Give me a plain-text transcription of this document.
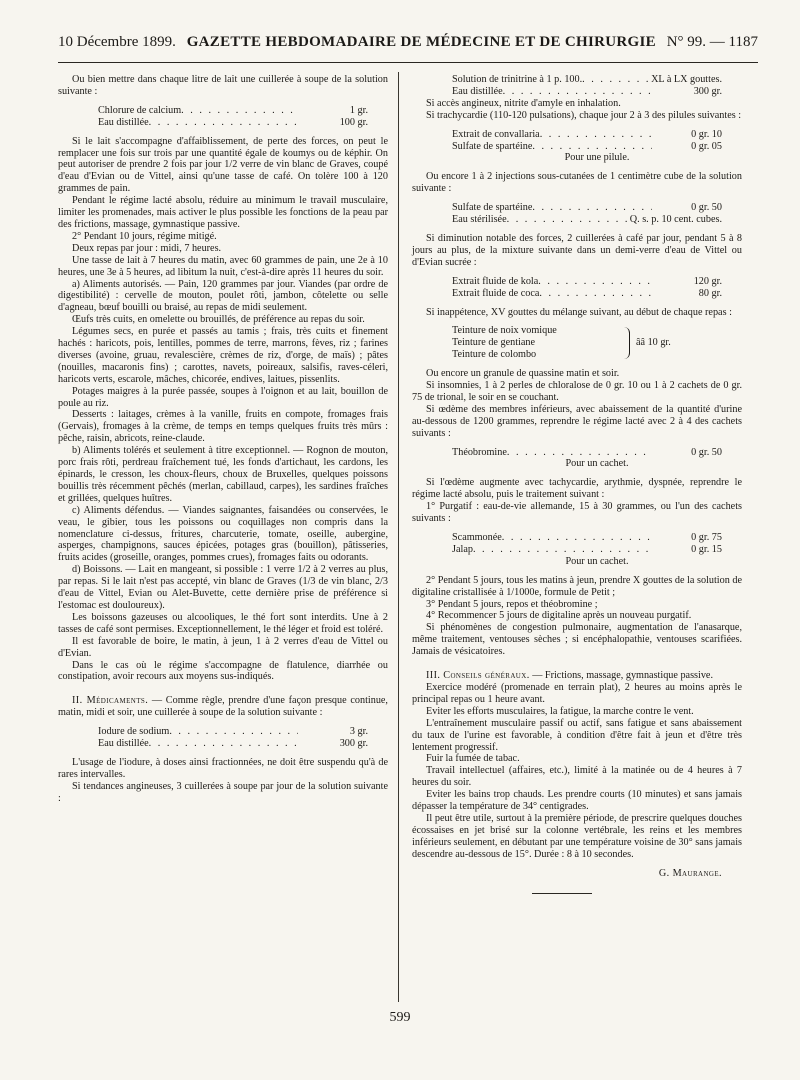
10 Décembre 1899. GAZETTE HEBDOMADAIRE DE MÉDECINE ET DE CHIRURGIE N° 99. — 1187

Ou bien mettre dans chaque litre de lait une cuillerée à soupe de la solution suivante :

Chlorure de calcium . . .	1 gr.
Eau distillée . . .	100 gr.

Si le lait s'accompagne d'affaiblissement, de perte des forces, on peut le remplacer une fois sur trois par une quantité égale de koumys ou de képhir. On peut autoriser de prendre 2 fois par jour 1/2 verre de vin blanc de Graves, coupé d'eau d'Evian ou de Vittel, ainsi qu'une tasse de café. On tolère 100 à 120 grammes de pain.

Pendant le régime lacté absolu, réduire au minimum le travail musculaire, limiter les promenades, mais activer le plus possible les fonctions de la peau par des frictions, massage, gymnastique passive.

2° Pendant 10 jours, régime mitigé.

Deux repas par jour : midi, 7 heures.

Une tasse de lait à 7 heures du matin, avec 60 grammes de pain, une 2e à 10 heures, une 3e à 5 heures, ad libitum la nuit, c'est-à-dire après 11 heures du soir.

a) Aliments autorisés. — Pain, 120 grammes par jour. Viandes (par ordre de digestibilité) : cervelle de mouton, poulet rôti, jambon, côtelette ou selle d'agneau, bœuf bouilli ou braisé, au repas de midi seulement.

Œufs très cuits, en omelette ou brouillés, de préférence au repas du soir.

Légumes secs, en purée et passés au tamis ; frais, très cuits et finement hachés : haricots, pois, lentilles, pommes de terre, marrons, fèves, riz ; farines diverses (avoine, gruau, revalescière, crèmes de riz, d'orge, de maïs) ; pâtes (nouilles, macaronis fins) ; carottes, navets, poireaux, salsifis, raves-céleri, haricots verts, escarole, mâches, chicorée, endives, laitues, pissenlits.

Potages maigres à la purée passée, soupes à l'oignon et au lait, bouillon de poule au riz.

Desserts : laitages, crèmes à la vanille, fruits en compote, fromages frais (Gervais), fromages à la crème, de temps en temps quelques fruits très mûrs : pêche, raisin, abricots, reine-claude.

b) Aliments tolérés et seulement à titre exceptionnel. — Rognon de mouton, porc frais rôti, perdreau fraîchement tué, les fonds d'artichaut, les cardons, les épinards, le cresson, les choux-fleurs, choux de Bruxelles, quelques poissons bouillis très récemment pêchés (merlan, cabillaud, carpes), les sardines fraîches et grillées, quelques huîtres.

c) Aliments défendus. — Viandes saignantes, faisandées ou conservées, le veau, le gibier, tous les poissons ou coquillages non compris dans la nomenclature ci-dessus, fritures, charcuterie, tomate, oseille, aubergine, asperges, champignons, sauces épicées, potages gras (bouillon), pâtisseries, fruits acides (groseille, oranges, pommes crues), fromages faits ou odorants.

d) Boissons. — Lait en mangeant, si possible : 1 verre 1/2 à 2 verres au plus, par repas. Si le lait n'est pas accepté, vin blanc de Graves (1/3 de vin blanc, 2/3 d'eau de Vittel, Evian ou Alet-Buvette, cette dernière prise de préférence si l'estomac est douloureux).

Les boissons gazeuses ou alcooliques, le thé fort sont interdits. Une à 2 tasses de café sont permises. Exceptionnellement, le thé léger et froid est toléré.

Il est favorable de boire, le matin, à jeun, 1 à 2 verres d'eau de Vittel ou d'Evian.

Dans le cas où le régime s'accompagne de flatulence, diarrhée ou constipation, avoir recours aux moyens sus-indiqués.

II. Médicaments. — Comme règle, prendre d'une façon presque continue, matin, midi et soir, une cuillerée à soupe de la solution suivante :

Iodure de sodium . . .	3 gr.
Eau distillée . . .	300 gr.

L'usage de l'iodure, à doses ainsi fractionnées, ne doit être suspendu qu'à de rares intervalles.

Si tendances angineuses, 3 cuillerées à soupe par jour de la solution suivante :

Solution de trinitrine à 1 p. 100. . . .	XL à LX gouttes.
Eau distillée . . .	300 gr.

Si accès angineux, nitrite d'amyle en inhalation.

Si trachycardie (110-120 pulsations), chaque jour 2 à 3 des pilules suivantes :

Extrait de convallaria . . .	0 gr. 10
Sulfate de spartéine . . .	0 gr. 05
Pour une pilule.

Ou encore 1 à 2 injections sous-cutanées de 1 centimètre cube de la solution suivante :

Sulfate de spartéine . . .	0 gr. 50
Eau stérilisée . . .	Q. s. p. 10 cent. cubes.

Si diminution notable des forces, 2 cuillerées à café par jour, pendant 5 à 8 jours au plus, de la mixture suivante dans un demi-verre d'eau de Vittel ou d'Evian sucrée :

Extrait fluide de kola . . .	120 gr.
Extrait fluide de coca . . .	80 gr.

Si inappétence, XV gouttes du mélange suivant, au début de chaque repas :

Teinture de noix vomique
Teinture de gentiane
Teinture de colombo
ââ 10 gr.

Ou encore un granule de quassine matin et soir.

Si insomnies, 1 à 2 perles de chloralose de 0 gr. 10 ou 1 à 2 cachets de 0 gr. 75 de trional, le soir en se couchant.

Si œdème des membres inférieurs, avec abaissement de la quantité d'urine au-dessous de 1200 grammes, reprendre le régime lacté avec 2 à 4 des cachets suivants :

Théobromine . . .	0 gr. 50
Pour un cachet.

Si l'œdème augmente avec tachycardie, arythmie, dyspnée, reprendre le régime lacté absolu, puis le traitement suivant :

1° Purgatif : eau-de-vie allemande, 15 à 30 grammes, ou l'un des cachets suivants :

Scammonée . . .	0 gr. 75
Jalap . . .	0 gr. 15
Pour un cachet.

2° Pendant 5 jours, tous les matins à jeun, prendre X gouttes de la solution de digitaline cristallisée à 1/1000e, formule de Petit ;

3° Pendant 5 jours, repos et théobromine ;

4° Recommencer 5 jours de digitaline après un nouveau purgatif.

Si phénomènes de congestion pulmonaire, augmentation de l'anasarque, même traitement, ventouses sèches ; si encéphalopathie, ventouses scarifiées. Jamais de vésicatoires.

III. Conseils généraux. — Frictions, massage, gymnastique passive.

Exercice modéré (promenade en terrain plat), 2 heures au moins après le principal repas ou 1 heure avant.

Eviter les efforts musculaires, la fatigue, la marche contre le vent.

L'entraînement musculaire passif ou actif, sans fatigue et sans abaissement du taux de l'urine est favorable, à condition d'être fait à jeun et d'être très lentement progressif.

Fuir la fumée de tabac.

Travail intellectuel (affaires, etc.), limité à la matinée ou de 4 heures à 7 heures du soir.

Eviter les bains trop chauds. Les prendre courts (10 minutes) et sans jamais dépasser la température de 34° centigrades.

Il peut être utile, surtout à la première période, de prescrire quelques douches écossaises en jet brisé sur la colonne vertébrale, les reins et les membres inférieurs seulement, en débutant par une température voisine de 30° sans jamais descendre au-dessous de 15°. Durée : 8 à 10 secondes.

G. Maurange.
599
